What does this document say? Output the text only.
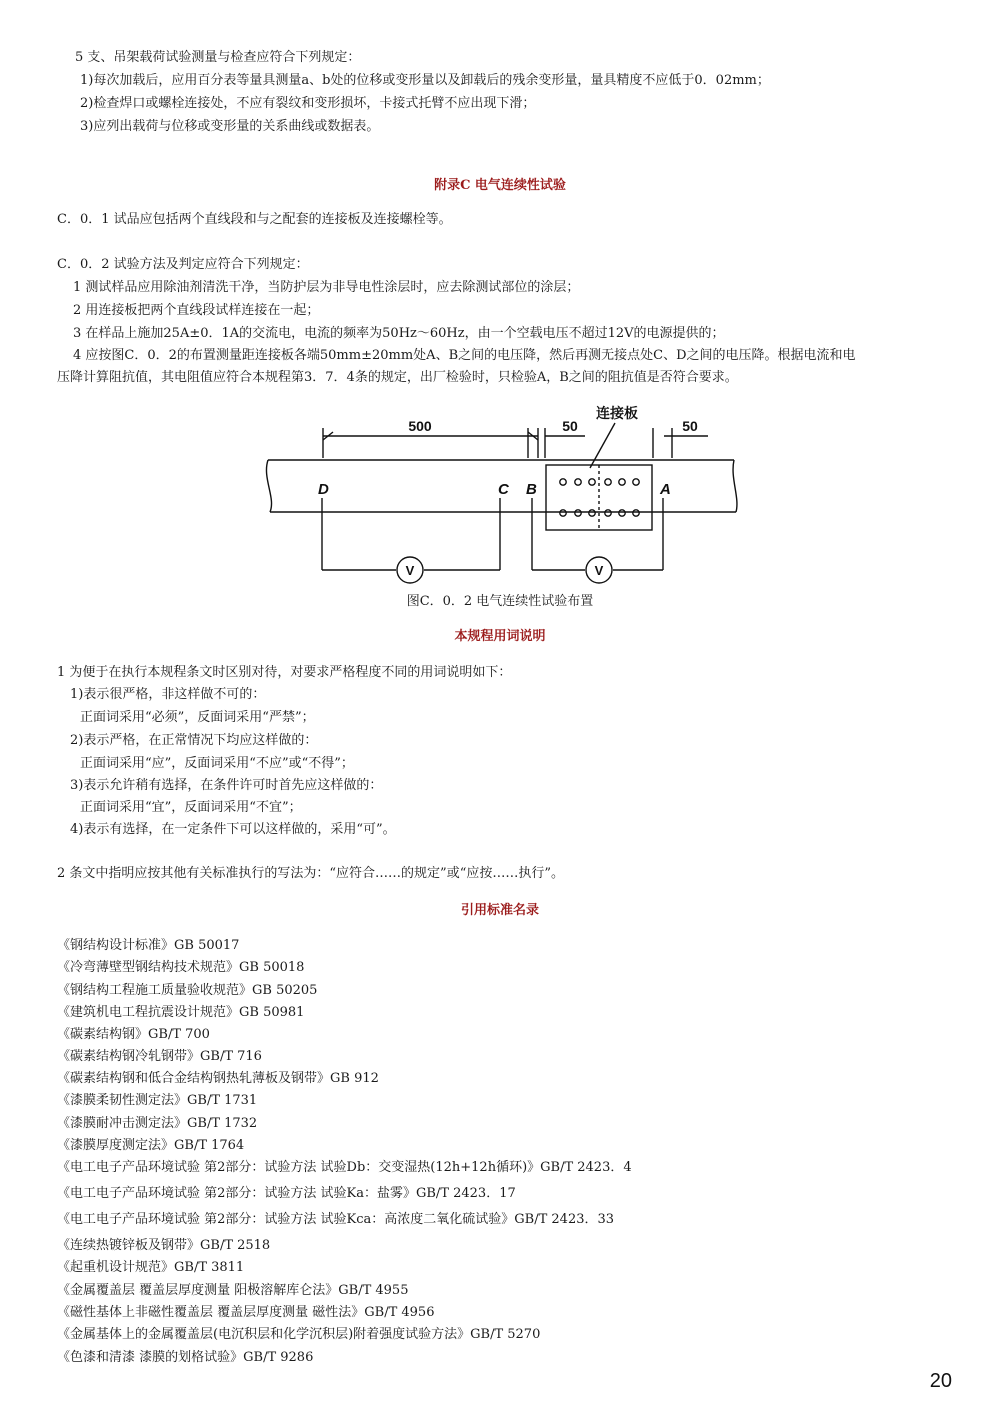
5 支、吊架载荷试验测量与检查应符合下列规定：
1)每次加载后，应用百分表等量具测量a、b处的位移或变形量以及卸载后的残余变形量，量具精度不应低于0．02mm；
2)检查焊口或螺栓连接处，不应有裂纹和变形损坏，卡接式托臂不应出现下滑；
3)应列出载荷与位移或变形量的关系曲线或数据表。
附录C 电气连续性试验
C．0．1 试品应包括两个直线段和与之配套的连接板及连接螺栓等。
C．0．2 试验方法及判定应符合下列规定：
1 测试样品应用除油剂清洗干净，当防护层为非导电性涂层时，应去除测试部位的涂层；
2 用连接板把两个直线段试样连接在一起；
3 在样品上施加25A±0．1A的交流电，电流的频率为50Hz～60Hz，由一个空载电压不超过12V的电源提供的；
4 应按图C．0．2的布置测量距连接板各端50mm±20mm处A、B之间的电压降，然后再测无接点处C、D之间的电压降。根据电流和电
压降计算阻抗值，其电阻值应符合本规程第3．7．4条的规定，出厂检验时，只检验A，B之间的阻抗值是否符合要求。
500	50	50
连接板
D	C B	A
V	V
图C．0．2 电气连续性试验布置
本规程用词说明
1 为便于在执行本规程条文时区别对待，对要求严格程度不同的用词说明如下：
1)表示很严格，非这样做不可的：
正面词采用“必须”，反面词采用“严禁”；
2)表示严格，在正常情况下均应这样做的：
正面词采用“应”，反面词采用“不应”或“不得”；
3)表示允许稍有选择，在条件许可时首先应这样做的：
正面词采用“宜”，反面词采用“不宜”；
4)表示有选择，在一定条件下可以这样做的，采用“可”。
2 条文中指明应按其他有关标准执行的写法为：“应符合……的规定”或“应按……执行”。
引用标准名录
《钢结构设计标准》GB 50017
《冷弯薄壁型钢结构技术规范》GB 50018
《钢结构工程施工质量验收规范》GB 50205
《建筑机电工程抗震设计规范》GB 50981
《碳素结构钢》GB/T 700
《碳素结构钢冷轧钢带》GB/T 716
《碳素结构钢和低合金结构钢热轧薄板及钢带》GB 912
《漆膜柔韧性测定法》GB/T 1731
《漆膜耐冲击测定法》GB/T 1732
《漆膜厚度测定法》GB/T 1764
《电工电子产品环境试验 第2部分：试验方法 试验Db：交变湿热(12h+12h循环)》GB/T 2423．4
《电工电子产品环境试验 第2部分：试验方法 试验Ka：盐雾》GB/T 2423．17
《电工电子产品环境试验 第2部分：试验方法 试验Kca：高浓度二氧化硫试验》GB/T 2423．33
《连续热镀锌板及钢带》GB/T 2518
《起重机设计规范》GB/T 3811
《金属覆盖层 覆盖层厚度测量 阳极溶解库仑法》GB/T 4955
《磁性基体上非磁性覆盖层 覆盖层厚度测量 磁性法》GB/T 4956
《金属基体上的金属覆盖层(电沉积层和化学沉积层)附着强度试验方法》GB/T 5270
《色漆和清漆 漆膜的划格试验》GB/T 9286
20
